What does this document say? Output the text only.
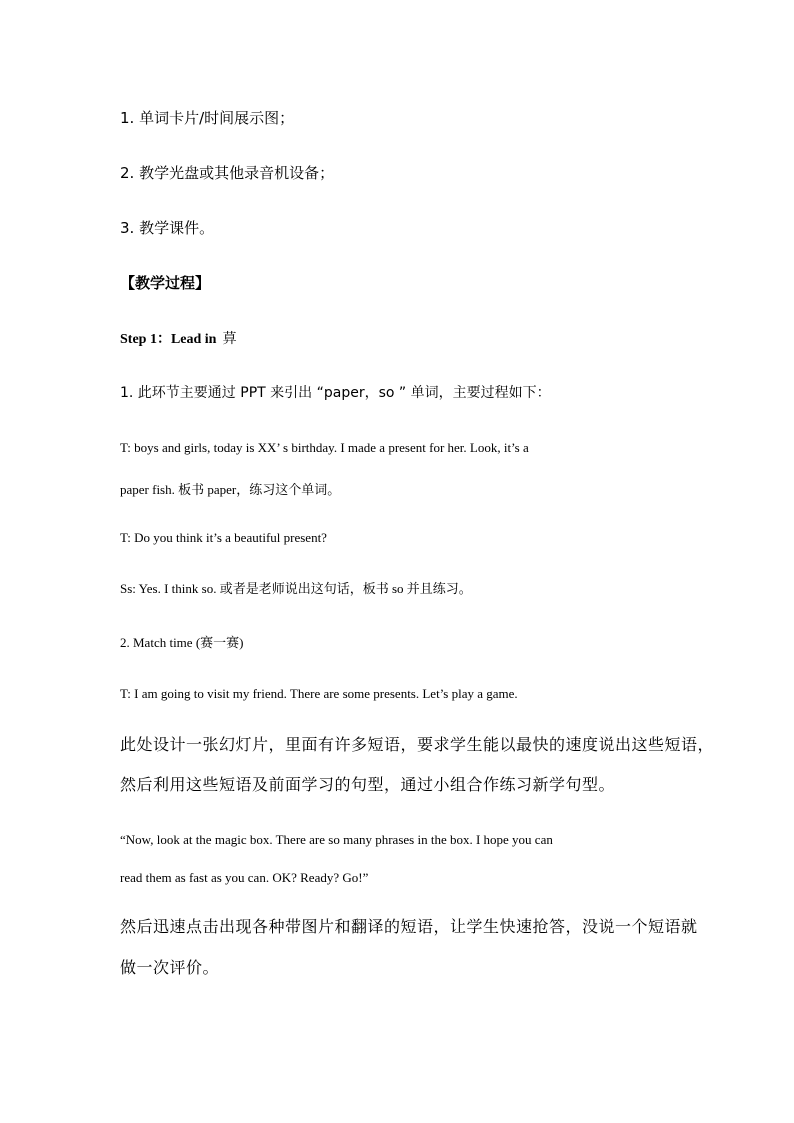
1. 单词卡片/时间展示图；
2. 教学光盘或其他录音机设备；
3. 教学课件。
【教学过程】
Step 1：Lead in 萛
1. 此环节主要通过 PPT 来引出 “paper，so ” 单词，主要过程如下：
T: boys and girls, today is XX’ s birthday. I made a present for her. Look, it’s a
paper fish. 板书 paper，练习这个单词。
T: Do you think it’s a beautiful present?
Ss: Yes. I think so. 或者是老师说出这句话，板书 so 并且练习。
2. Match time (赛一赛)
T: I am going to visit my friend. There are some presents. Let’s play a game.
此处设计一张幻灯片，里面有许多短语，要求学生能以最快的速度说出这些短语，
然后利用这些短语及前面学习的句型，通过小组合作练习新学句型。
“Now, look at the magic box. There are so many phrases in the box. I hope you can
read them as fast as you can. OK? Ready? Go!”
然后迅速点击出现各种带图片和翻译的短语，让学生快速抢答，没说一个短语就
做一次评价。
